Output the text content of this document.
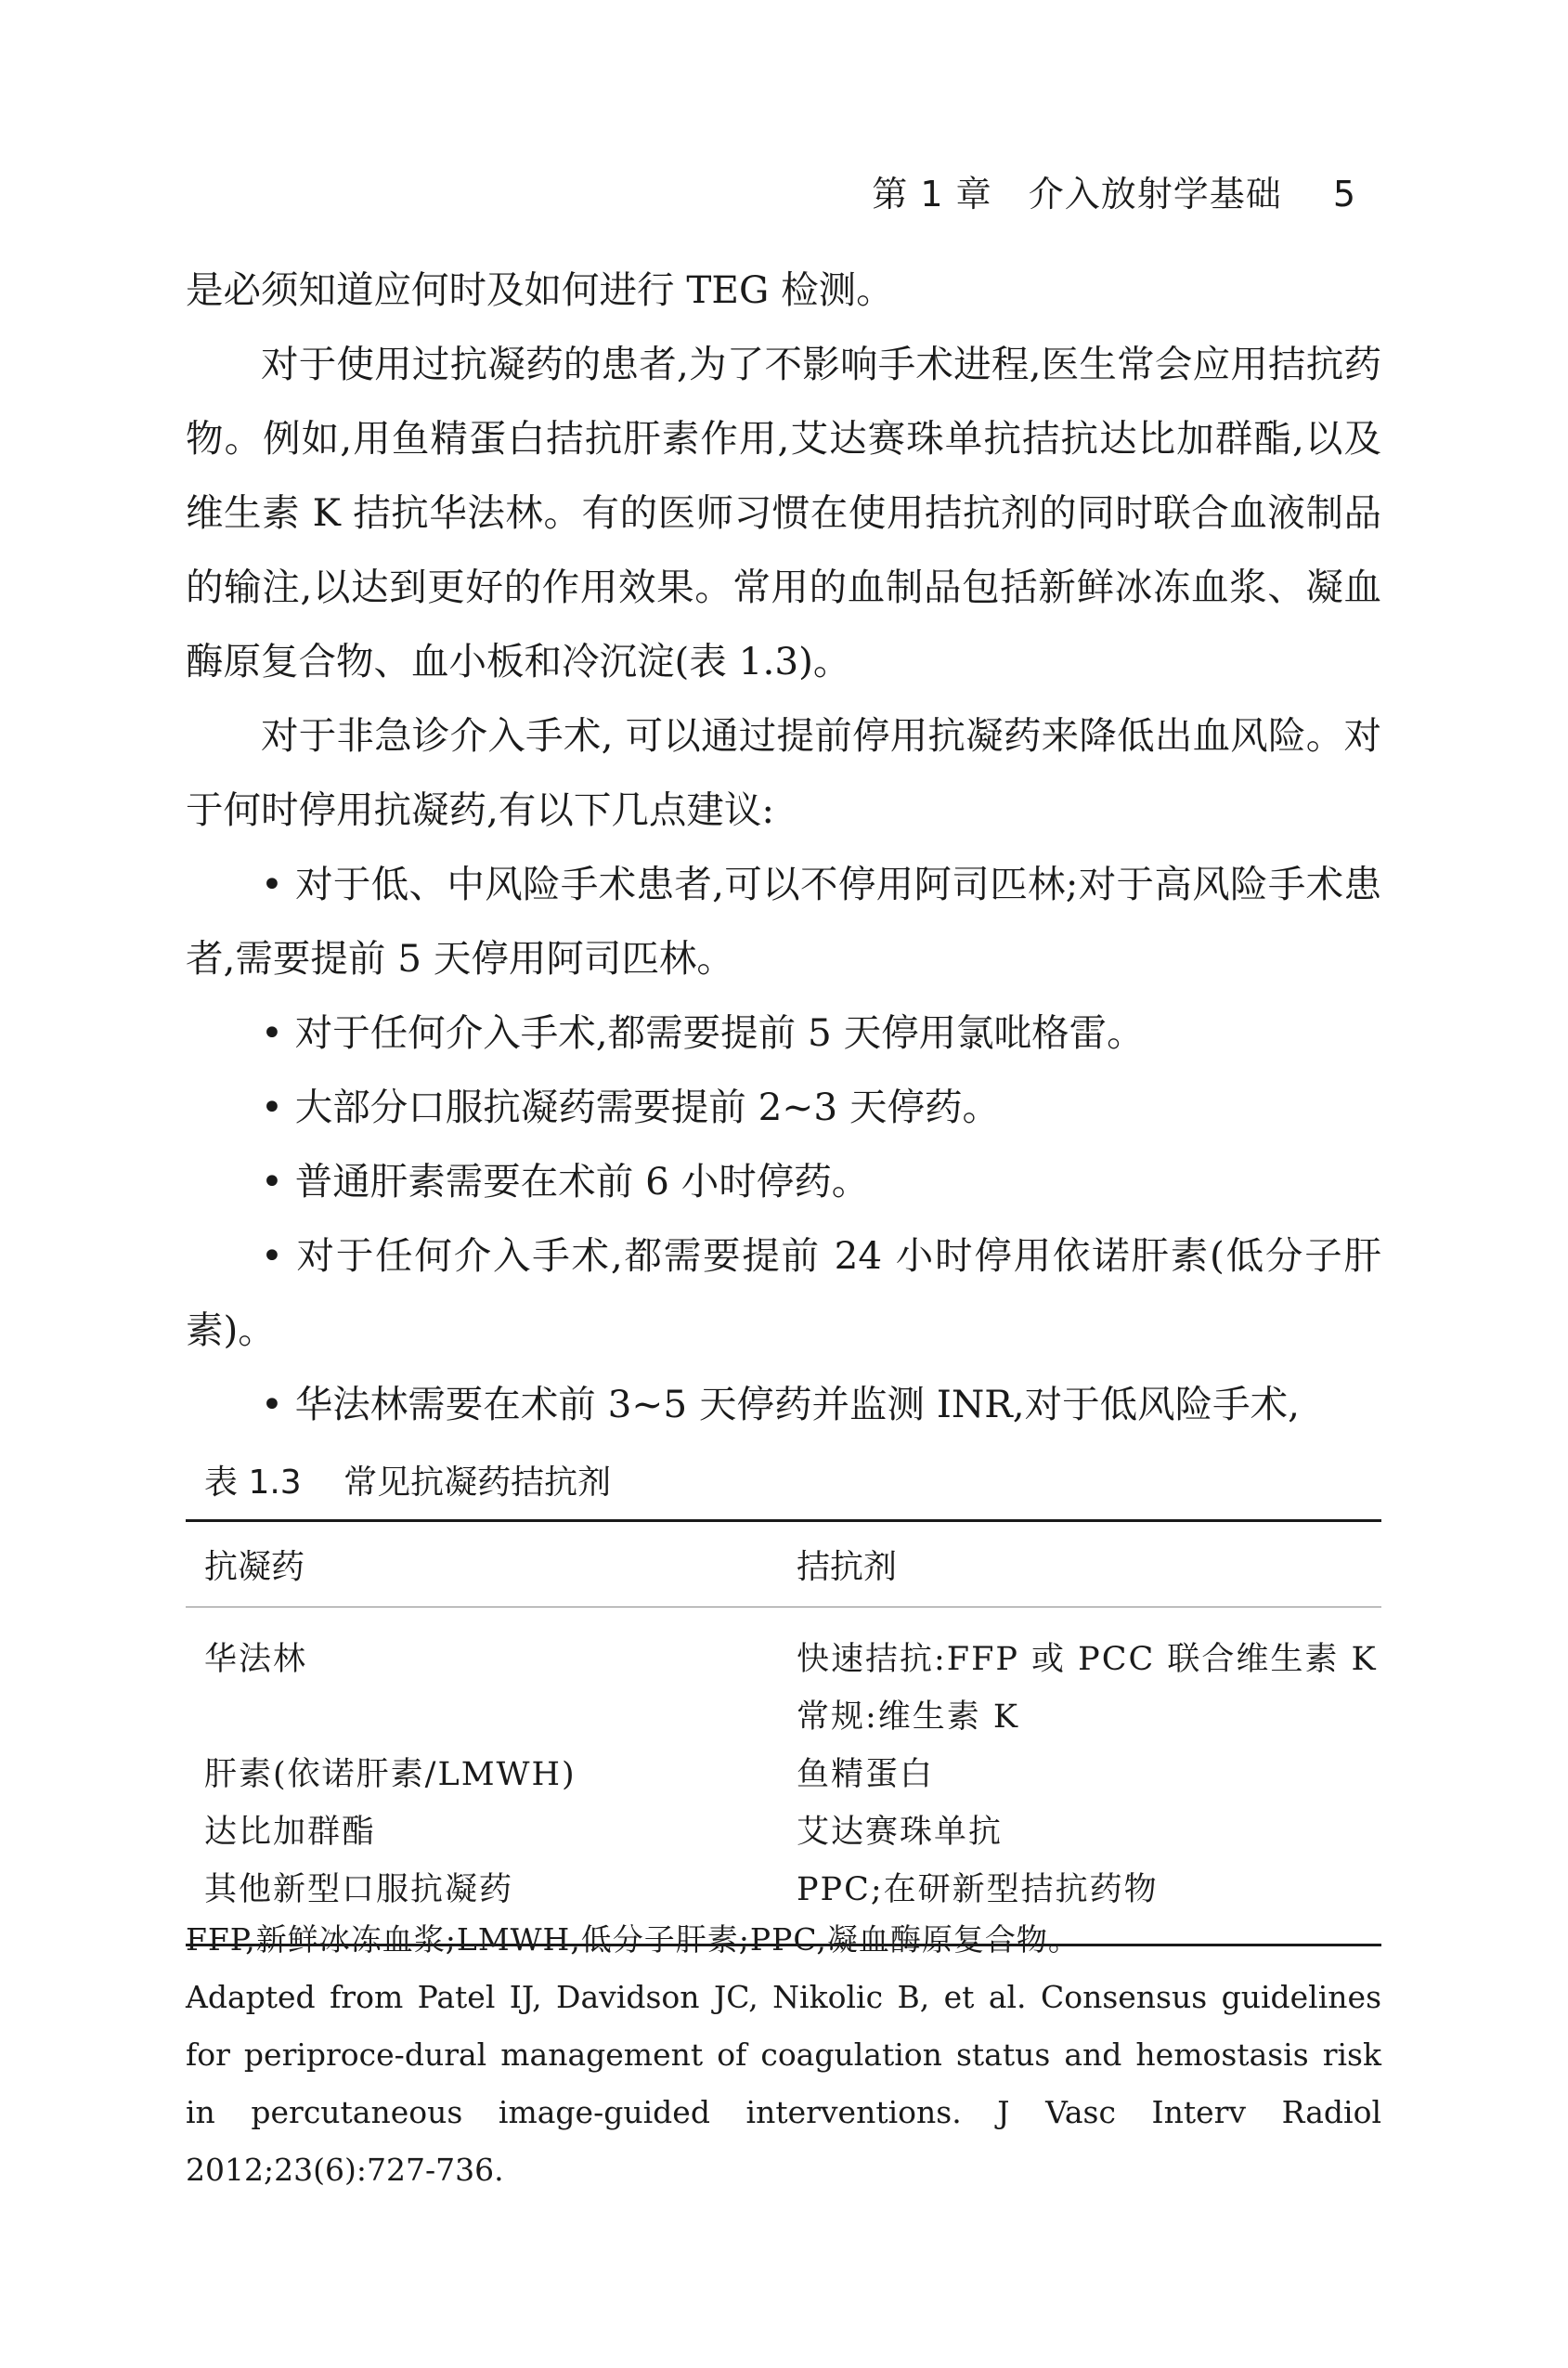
第 1 章 介入放射学基础 5

是必须知道应何时及如何进行 TEG 检测。

对于使用过抗凝药的患者,为了不影响手术进程,医生常会应用拮抗药物。例如,用鱼精蛋白拮抗肝素作用,艾达赛珠单抗拮抗达比加群酯,以及维生素 K 拮抗华法林。有的医师习惯在使用拮抗剂的同时联合血液制品的输注,以达到更好的作用效果。常用的血制品包括新鲜冰冻血浆、凝血酶原复合物、血小板和冷沉淀(表 1.3)。

对于非急诊介入手术, 可以通过提前停用抗凝药来降低出血风险。对于何时停用抗凝药,有以下几点建议:

• 对于低、中风险手术患者,可以不停用阿司匹林;对于高风险手术患者,需要提前 5 天停用阿司匹林。

• 对于任何介入手术,都需要提前 5 天停用氯吡格雷。

• 大部分口服抗凝药需要提前 2~3 天停药。

• 普通肝素需要在术前 6 小时停药。

• 对于任何介入手术,都需要提前 24 小时停用依诺肝素(低分子肝素)。

• 华法林需要在术前 3~5 天停药并监测 INR,对于低风险手术,

表 1.3 常见抗凝药拮抗剂
抗凝药	拮抗剂
华法林	快速拮抗:FFP 或 PCC 联合维生素 K
	常规:维生素 K
肝素(依诺肝素/LMWH)	鱼精蛋白
达比加群酯	艾达赛珠单抗
其他新型口服抗凝药	PPC;在研新型拮抗药物

FFP,新鲜冰冻血浆;LMWH,低分子肝素;PPC,凝血酶原复合物。

Adapted from Patel IJ, Davidson JC, Nikolic B, et al. Consensus guidelines for periproce-dural management of coagulation status and hemostasis risk in percutaneous image-guided interventions. J Vasc Interv Radiol 2012;23(6):727-736.
